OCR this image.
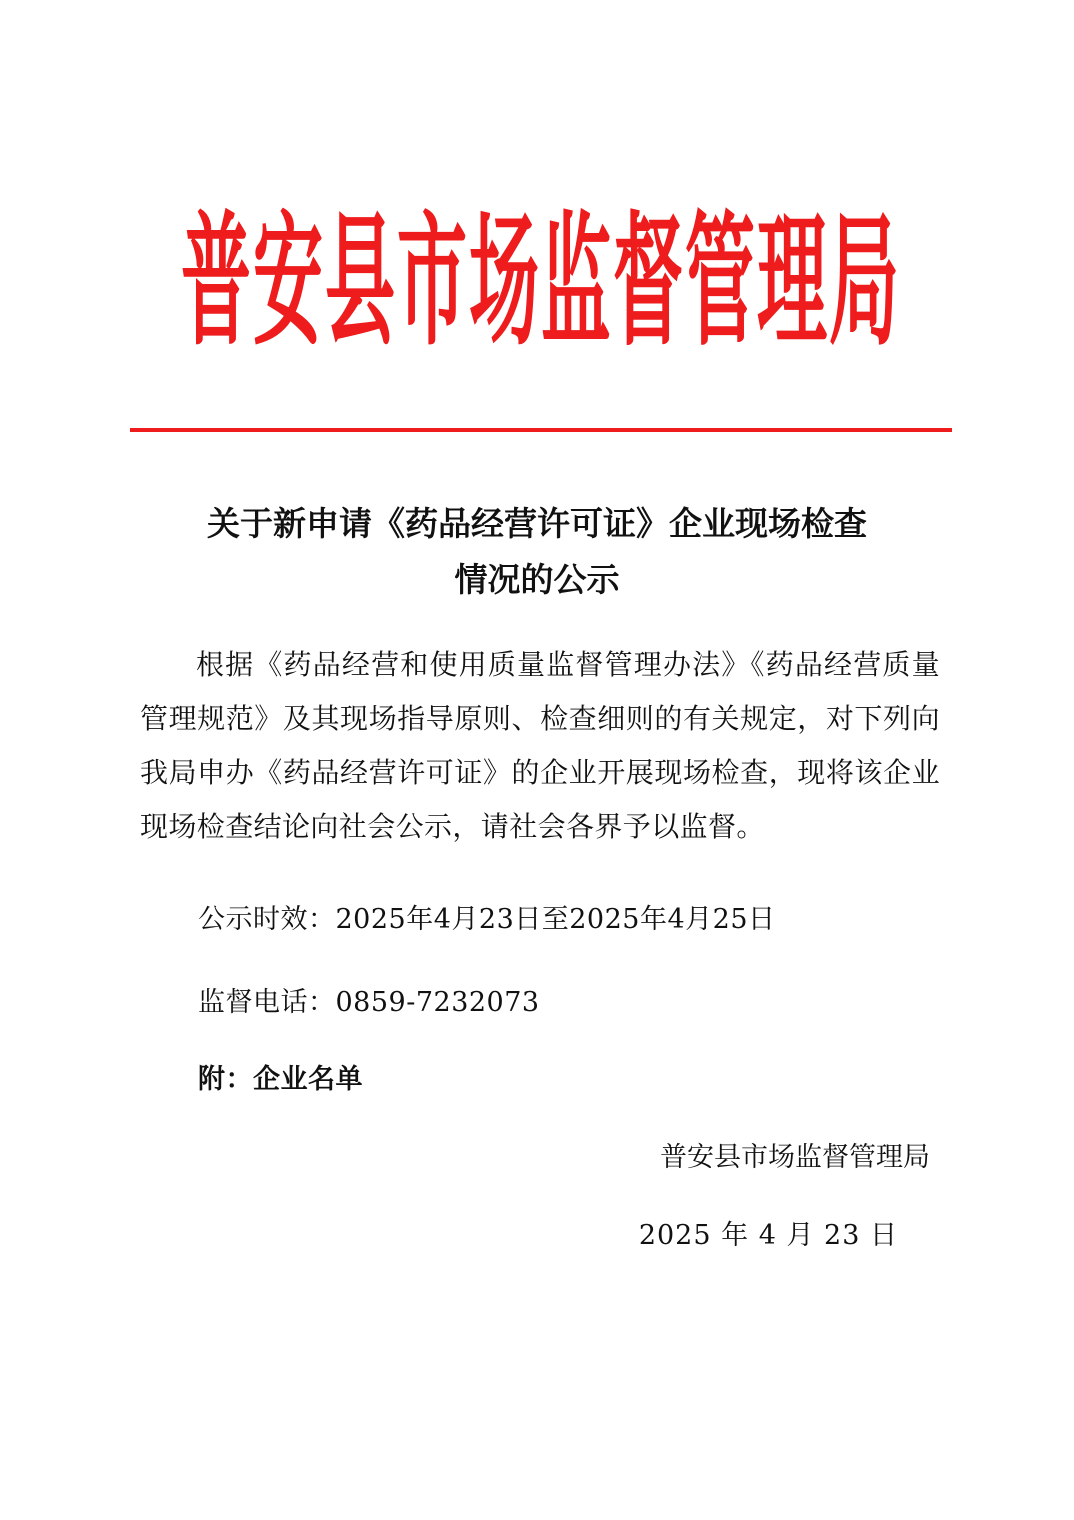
普安县市场监督管理局
关于新申请《药品经营许可证》企业现场检查
情况的公示
根据《药品经营和使用质量监督管理办法》《药品经营质量管理规范》及其现场指导原则、检查细则的有关规定，对下列向我局申办《药品经营许可证》的企业开展现场检查，现将该企业现场检查结论向社会公示，请社会各界予以监督。
公示时效：2025年4月23日至2025年4月25日
监督电话：0859-7232073
附：企业名单
普安县市场监督管理局
2025 年 4 月 23 日
